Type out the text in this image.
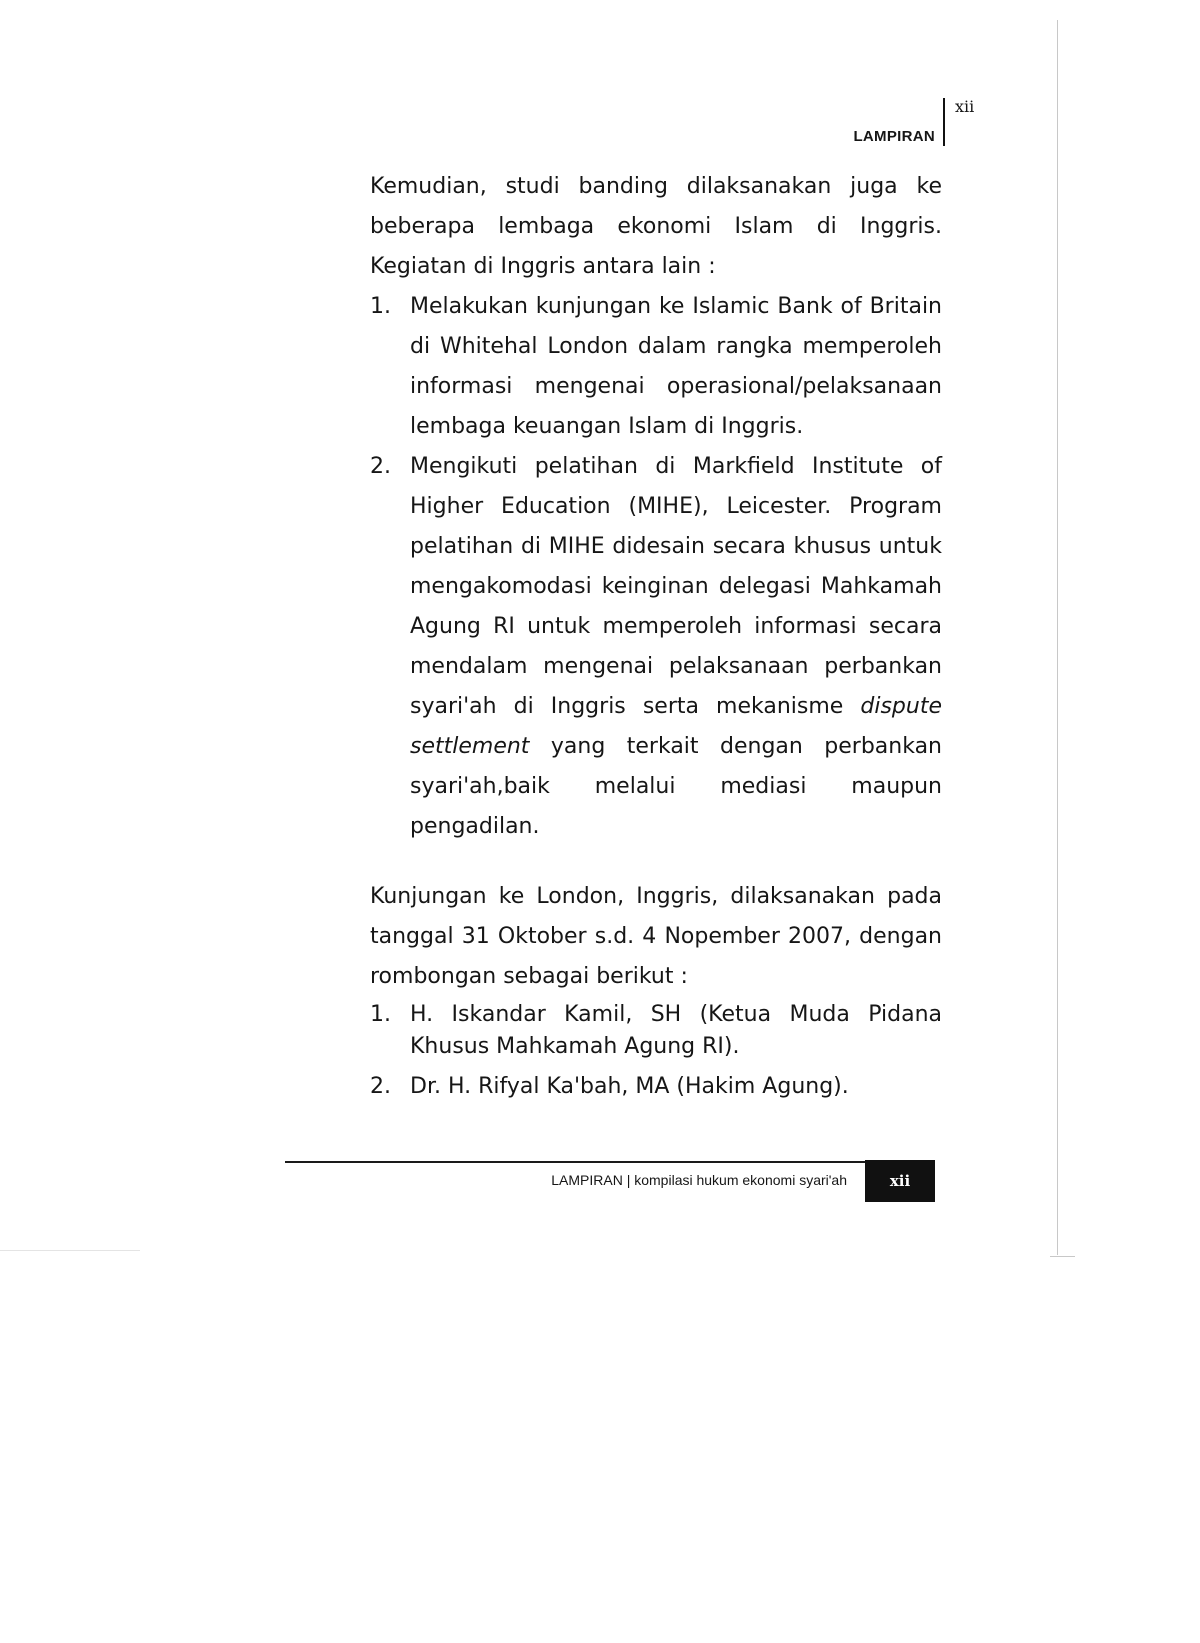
LAMPIRAN
xii

Kemudian, studi banding dilaksanakan juga ke beberapa lembaga ekonomi Islam di Inggris. Kegiatan di Inggris antara lain :

1. Melakukan kunjungan ke Islamic Bank of Britain di Whitehal London dalam rangka memperoleh informasi mengenai operasional/pelaksanaan lembaga keuangan Islam di Inggris.
2. Mengikuti pelatihan di Markfield Institute of Higher Education (MIHE), Leicester. Program pelatihan di MIHE didesain secara khusus untuk mengakomodasi keinginan delegasi Mahkamah Agung RI untuk memperoleh informasi secara mendalam mengenai pelaksanaan perbankan syari'ah di Inggris serta mekanisme dispute settlement yang terkait dengan perbankan syari'ah,baik melalui mediasi maupun pengadilan.

Kunjungan ke London, Inggris, dilaksanakan pada tanggal 31 Oktober s.d. 4 Nopember 2007, dengan rombongan sebagai berikut :

1. H. Iskandar Kamil, SH (Ketua Muda Pidana Khusus Mahkamah Agung RI).
2. Dr. H. Rifyal Ka'bah, MA (Hakim Agung).
LAMPIRAN | kompilasi hukum ekonomi syari'ah	xii
